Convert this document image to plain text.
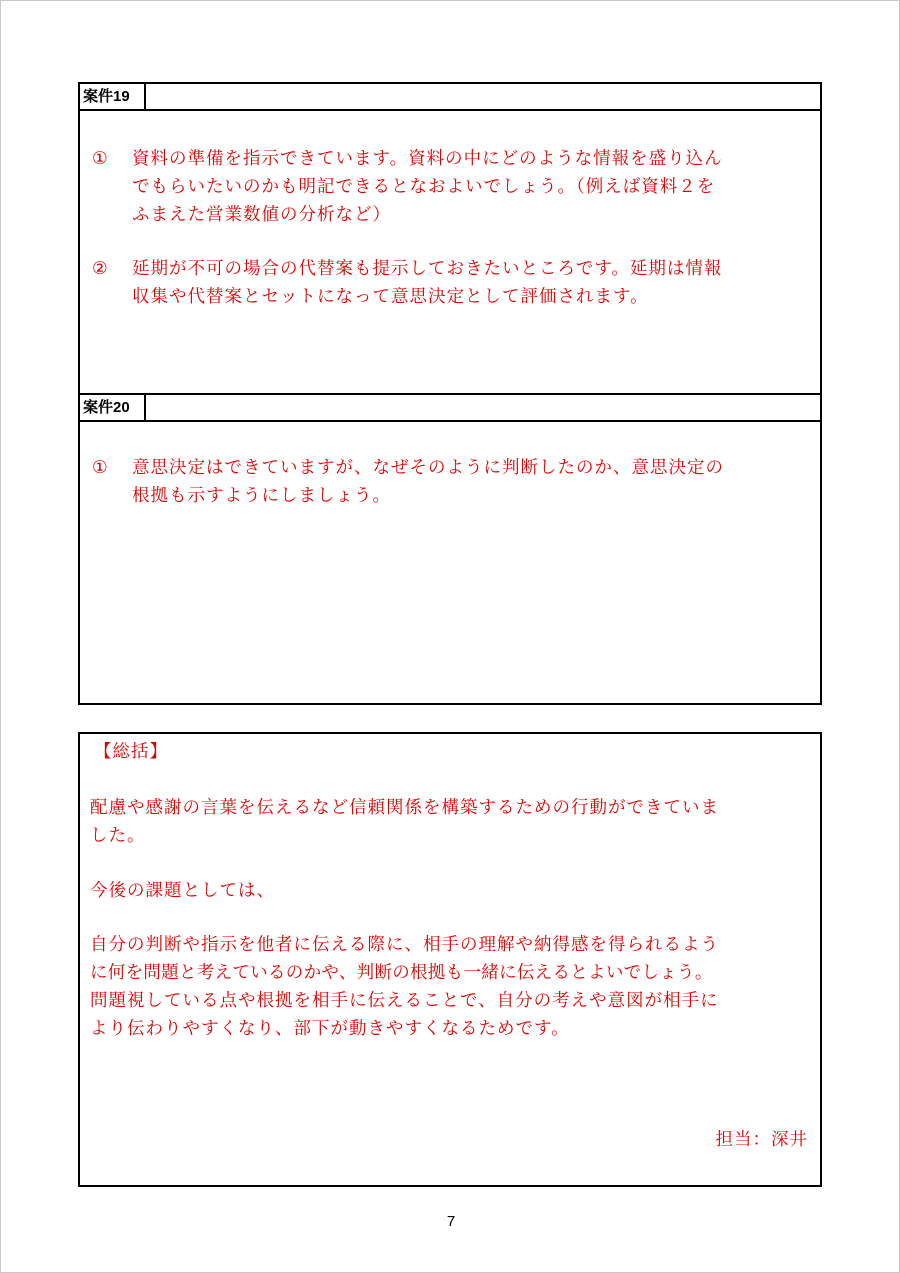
案件19
① 資料の準備を指示できています。資料の中にどのような情報を盛り込ん
でもらいたいのかも明記できるとなおよいでしょう。（例えば資料２を
ふまえた営業数値の分析など）
② 延期が不可の場合の代替案も提示しておきたいところです。延期は情報
収集や代替案とセットになって意思決定として評価されます。
案件20
① 意思決定はできていますが、なぜそのように判断したのか、意思決定の
根拠も示すようにしましょう。
【総括】
配慮や感謝の言葉を伝えるなど信頼関係を構築するための行動ができていま
した。
今後の課題としては、
自分の判断や指示を他者に伝える際に、相手の理解や納得感を得られるよう
に何を問題と考えているのかや、判断の根拠も一緒に伝えるとよいでしょう。
問題視している点や根拠を相手に伝えることで、自分の考えや意図が相手に
より伝わりやすくなり、部下が動きやすくなるためです。
担当：深井
7
